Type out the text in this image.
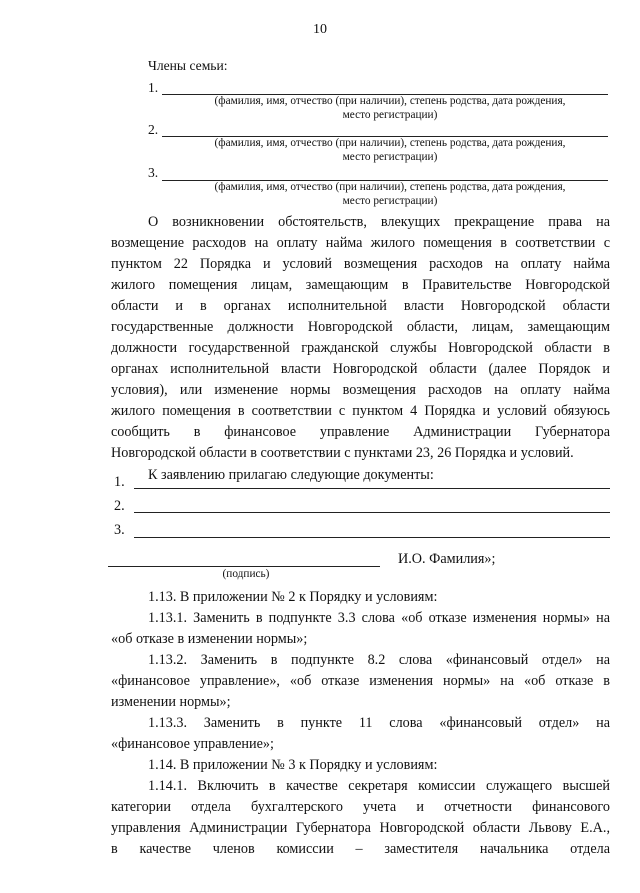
10
Члены семьи:
1.
(фамилия, имя, отчество (при наличии), степень родства, дата рождения,
место регистрации)
2.
(фамилия, имя, отчество (при наличии), степень родства, дата рождения,
место регистрации)
3.
(фамилия, имя, отчество (при наличии), степень родства, дата рождения,
место регистрации)
О возникновении обстоятельств, влекущих прекращение права на
возмещение расходов на оплату найма жилого помещения в соответствии с
пунктом 22 Порядка и условий возмещения расходов на оплату найма
жилого помещения лицам, замещающим в Правительстве Новгородской
области и в органах исполнительной власти Новгородской области
государственные должности Новгородской области, лицам, замещающим
должности государственной гражданской службы Новгородской области в
органах исполнительной власти Новгородской области (далее Порядок и
условия), или изменение нормы возмещения расходов на оплату найма
жилого помещения в соответствии с пунктом 4 Порядка и условий обязуюсь
сообщить в финансовое управление Администрации Губернатора
Новгородской области в соответствии с пунктами 23, 26 Порядка и условий.
К заявлению прилагаю следующие документы:
1.
2.
3.
И.О. Фамилия»;
(подпись)
1.13. В приложении № 2 к Порядку и условиям:
1.13.1. Заменить в подпункте 3.3 слова «об отказе изменения нормы» на
«об отказе в изменении нормы»;
1.13.2. Заменить в подпункте 8.2 слова «финансовый отдел» на
«финансовое управление», «об отказе изменения нормы» на «об отказе в
изменении нормы»;
1.13.3. Заменить в пункте 11 слова «финансовый отдел» на
«финансовое управление»;
1.14. В приложении № 3 к Порядку и условиям:
1.14.1. Включить в качестве секретаря комиссии служащего высшей
категории отдела бухгалтерского учета и отчетности финансового
управления Администрации Губернатора Новгородской области Львову Е.А.,
в качестве членов комиссии – заместителя начальника отдела
